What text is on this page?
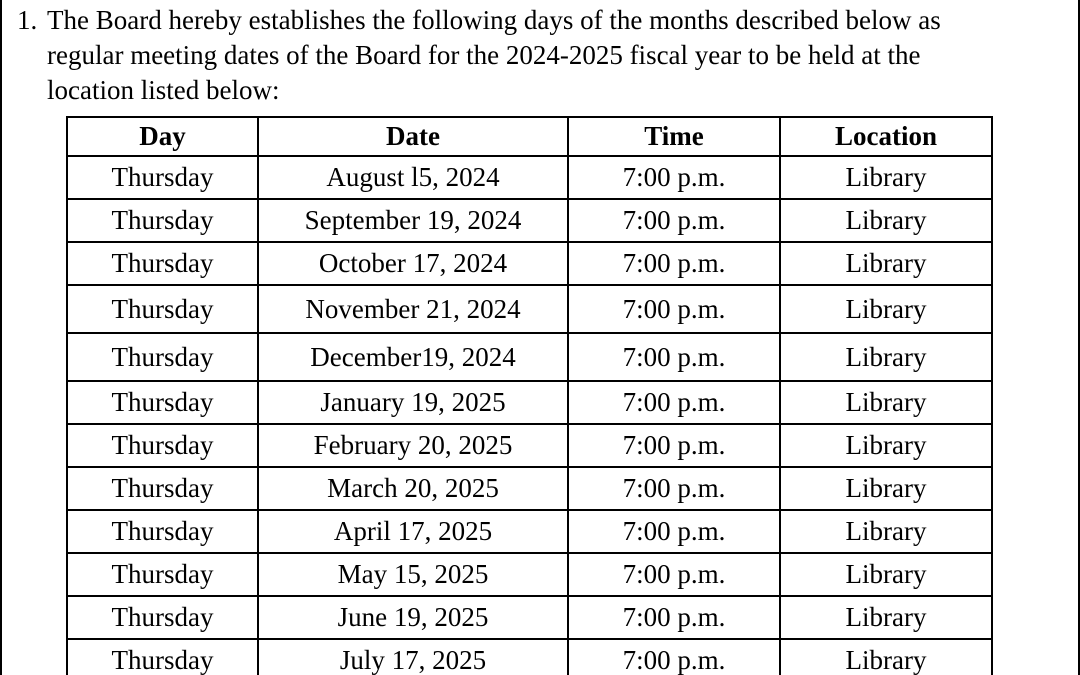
1. The Board hereby establishes the following days of the months described below as
regular meeting dates of the Board for the 2024-2025 fiscal year to be held at the
location listed below:
Day	Date	Time	Location
Thursday	August l5, 2024	7:00 p.m.	Library
Thursday	September 19, 2024	7:00 p.m.	Library
Thursday	October 17, 2024	7:00 p.m.	Library
Thursday	November 21, 2024	7:00 p.m.	Library
Thursday	December19, 2024	7:00 p.m.	Library
Thursday	January 19, 2025	7:00 p.m.	Library
Thursday	February 20, 2025	7:00 p.m.	Library
Thursday	March 20, 2025	7:00 p.m.	Library
Thursday	April 17, 2025	7:00 p.m.	Library
Thursday	May 15, 2025	7:00 p.m.	Library
Thursday	June 19, 2025	7:00 p.m.	Library
Thursday	July 17, 2025	7:00 p.m.	Library
